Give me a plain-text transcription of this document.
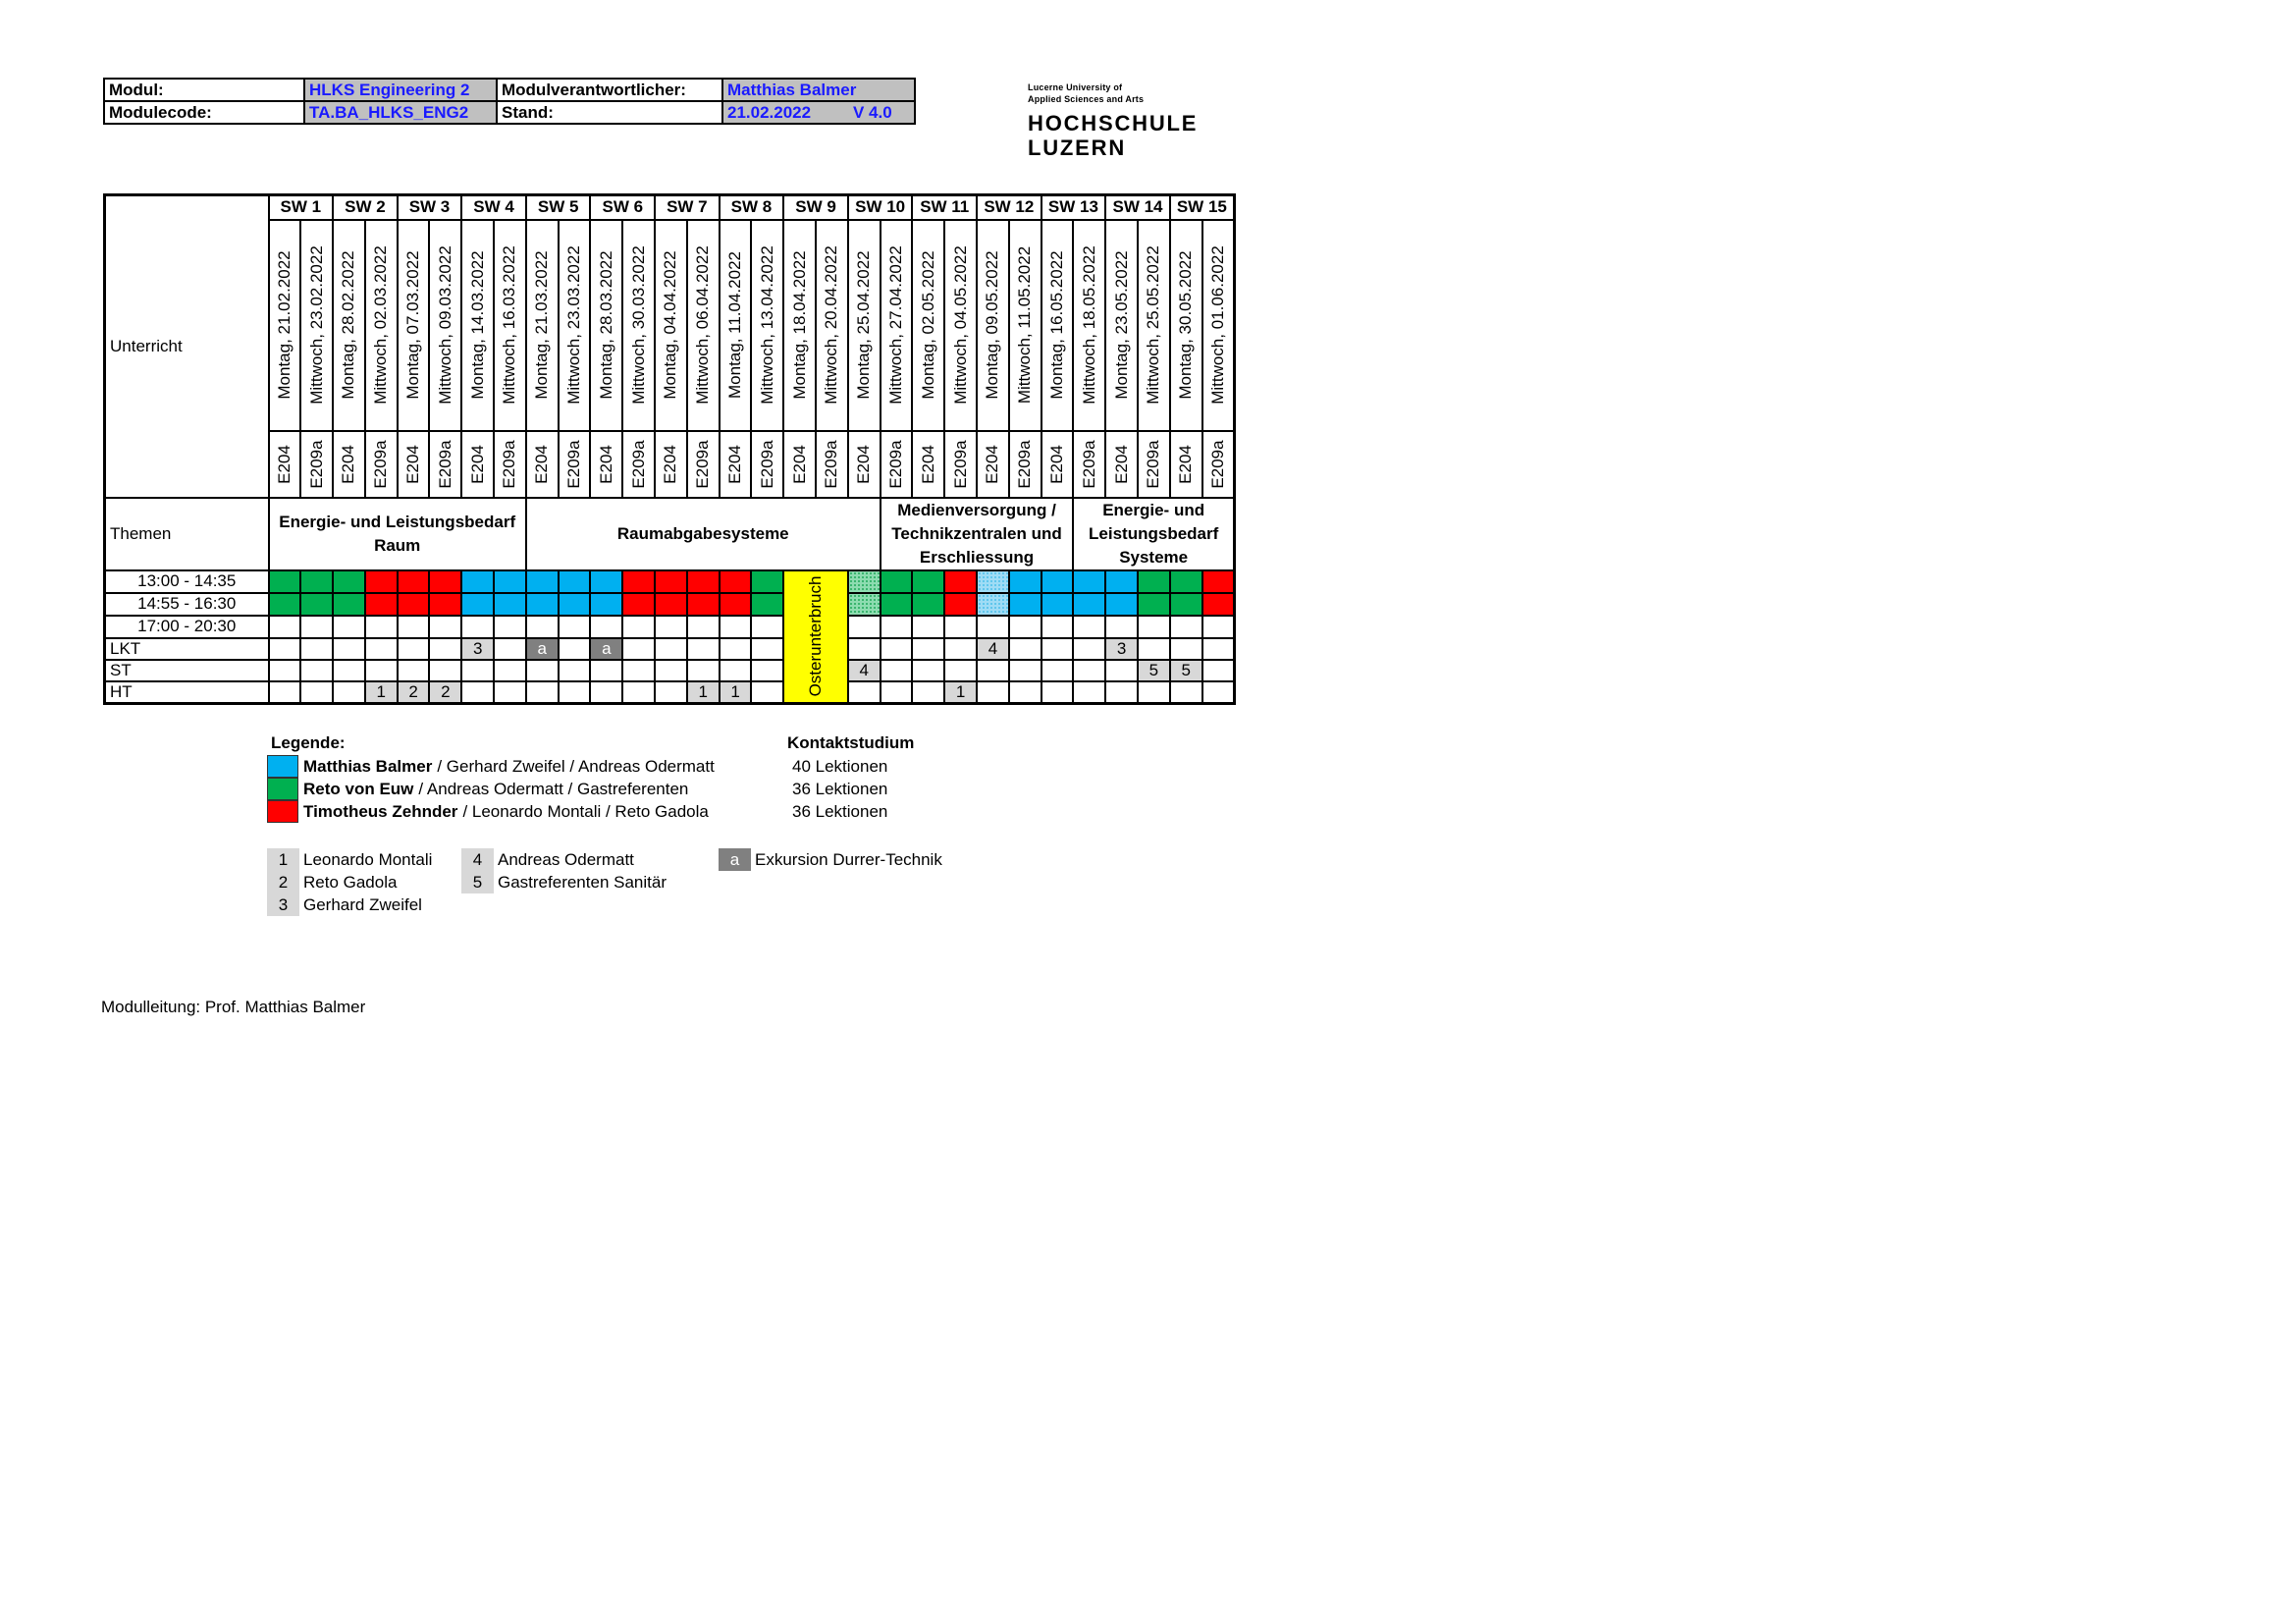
Modul:	HLKS Engineering 2	Modulverantwortlicher:	Matthias Balmer	
Modulecode:	TA.BA_HLKS_ENG2	Stand:	21.02.2022	V 4.0
Lucerne University of
Applied Sciences and Arts
HOCHSCHULE
LUZERN
Unterricht	SW 1		SW 2		SW 3		SW 4		SW 5		SW 6		SW 7		SW 8		SW 9		SW 10		SW 11		SW 12		SW 13		SW 14		SW 15	

	Montag, 21.02.2022	Mittwoch, 23.02.2022	Montag, 28.02.2022	Mittwoch, 02.03.2022	Montag, 07.03.2022	Mittwoch, 09.03.2022	Montag, 14.03.2022	Mittwoch, 16.03.2022	Montag, 21.03.2022	Mittwoch, 23.03.2022	Montag, 28.03.2022	Mittwoch, 30.03.2022	Montag, 04.04.2022	Mittwoch, 06.04.2022	Montag, 11.04.2022	Mittwoch, 13.04.2022	Montag, 18.04.2022	Mittwoch, 20.04.2022	Montag, 25.04.2022	Mittwoch, 27.04.2022	Montag, 02.05.2022	Mittwoch, 04.05.2022	Montag, 09.05.2022	Mittwoch, 11.05.2022	Montag, 16.05.2022	Mittwoch, 18.05.2022	Montag, 23.05.2022	Mittwoch, 25.05.2022	Montag, 30.05.2022	Mittwoch, 01.06.2022

	E204	E209a	E204	E209a	E204	E209a	E204	E209a	E204	E209a	E204	E209a	E204	E209a	E204	E209a	E204	E209a	E204	E209a	E204	E209a	E204	E209a	E204	E209a	E204	E209a	E204	E209a

Themen	Energie- und Leistungsbedarf Raum								Raumabgabesysteme											Medienversorgung / Technikzentralen und Erschliessung						Energie- und Leistungsbedarf Systeme				
13:00 - 14:35																	Osterunterbruch													

14:55 - 16:30																														
17:00 - 20:30																														
LKT							3		a		a												4				3			
ST																			4									5	5	
HT				1	2	2								1	1							1								
Legende:
Matthias Balmer / Gerhard Zweifel / Andreas Odermatt
Reto von Euw / Andreas Odermatt / Gastreferenten
Timotheus Zehnder / Leonardo Montali / Reto Gadola
Kontaktstudium
40 Lektionen
36 Lektionen
36 Lektionen
1 Leonardo Montali
2 Reto Gadola
3 Gerhard Zweifel
4 Andreas Odermatt
5 Gastreferenten Sanitär
a Exkursion Durrer-Technik
Modulleitung: Prof. Matthias Balmer
